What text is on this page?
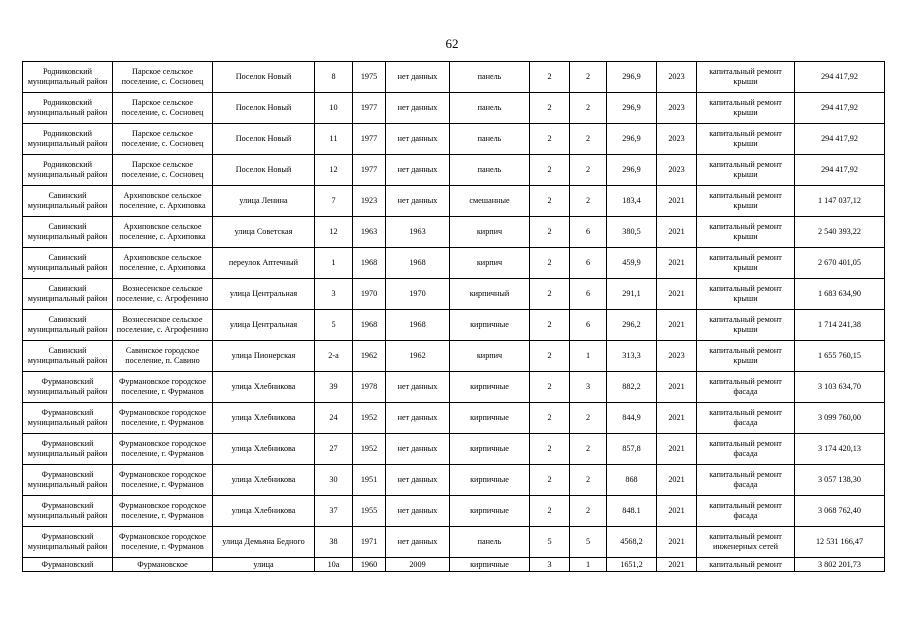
62
Родниковский муниципальный район	Парское сельское поселение, с. Сосновец	Поселок Новый	8	1975	нет данных	панель	2	2	296,9	2023	капитальный ремонт крыши	294 417,92
Родниковский муниципальный район	Парское сельское поселение, с. Сосновец	Поселок Новый	10	1977	нет данных	панель	2	2	296,9	2023	капитальный ремонт крыши	294 417,92
Родниковский муниципальный район	Парское сельское поселение, с. Сосновец	Поселок Новый	11	1977	нет данных	панель	2	2	296,9	2023	капитальный ремонт крыши	294 417,92
Родниковский муниципальный район	Парское сельское поселение, с. Сосновец	Поселок Новый	12	1977	нет данных	панель	2	2	296,9	2023	капитальный ремонт крыши	294 417,92
Савинский муниципальный район	Архиповское сельское поселение, с. Архиповка	улица Ленина	7	1923	нет данных	смешанные	2	2	183,4	2021	капитальный ремонт крыши	1 147 037,12
Савинский муниципальный район	Архиповское сельское поселение, с. Архиповка	улица Советская	12	1963	1963	кирпич	2	6	380,5	2021	капитальный ремонт крыши	2 540 393,22
Савинский муниципальный район	Архиповское сельское поселение, с. Архиповка	переулок Аптечный	1	1968	1968	кирпич	2	6	459,9	2021	капитальный ремонт крыши	2 670 401,05
Савинский муниципальный район	Вознесенское сельское поселение, с. Агрофенино	улица Центральная	3	1970	1970	кирпичный	2	6	291,1	2021	капитальный ремонт крыши	1 683 634,90
Савинский муниципальный район	Вознесенское сельское поселение, с. Агрофенино	улица Центральная	5	1968	1968	кирпичные	2	6	296,2	2021	капитальный ремонт крыши	1 714 241,38
Савинский муниципальный район	Савинское городское поселение, п. Савино	улица Пионерская	2-а	1962	1962	кирпич	2	1	313,3	2023	капитальный ремонт крыши	1 655 760,15
Фурмановский муниципальный район	Фурмановское городское поселение, г. Фурманов	улица Хлебникова	39	1978	нет данных	кирпичные	2	3	882,2	2021	капитальный ремонт фасада	3 103 634,70
Фурмановский муниципальный район	Фурмановское городское поселение, г. Фурманов	улица Хлебникова	24	1952	нет данных	кирпичные	2	2	844,9	2021	капитальный ремонт фасада	3 099 760,00
Фурмановский муниципальный район	Фурмановское городское поселение, г. Фурманов	улица Хлебникова	27	1952	нет данных	кирпичные	2	2	857,8	2021	капитальный ремонт фасада	3 174 420,13
Фурмановский муниципальный район	Фурмановское городское поселение, г. Фурманов	улица Хлебникова	30	1951	нет данных	кирпичные	2	2	868	2021	капитальный ремонт фасада	3 057 138,30
Фурмановский муниципальный район	Фурмановское городское поселение, г. Фурманов	улица Хлебникова	37	1955	нет данных	кирпичные	2	2	848.1	2021	капитальный ремонт фасада	3 068 762,40
Фурмановский муниципальный район	Фурмановское городское поселение, г. Фурманов	улица Демьяна Бедного	38	1971	нет данных	панель	5	5	4568,2	2021	капитальный ремонт инженерных сетей	12 531 166,47
Фурмановский	Фурмановское	улица	10а	1960	2009	кирпичные	3	1	1651,2	2021	капитальный ремонт	3 802 201,73
